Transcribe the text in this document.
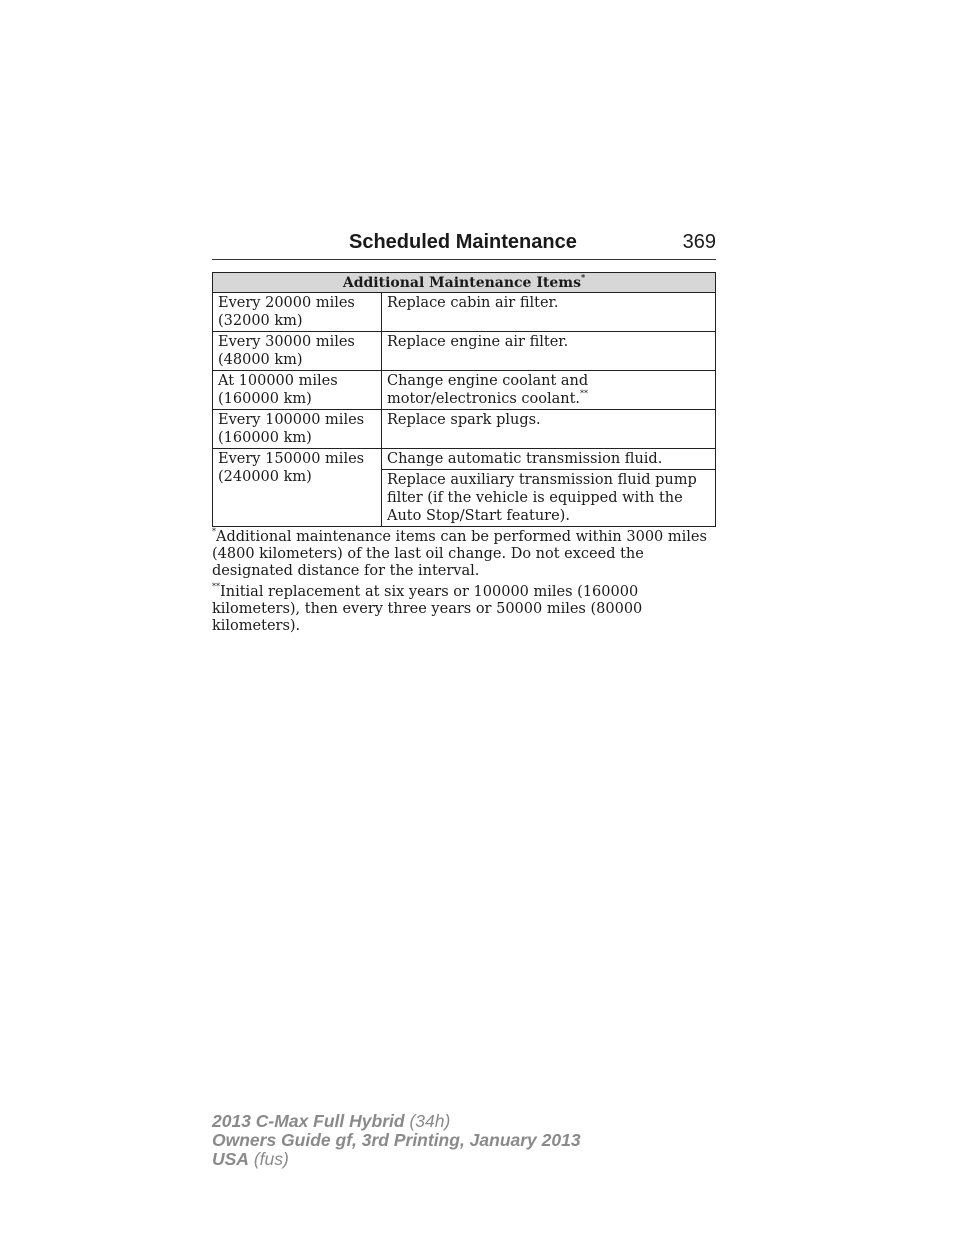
Scheduled Maintenance	369
Additional Maintenance Items*
Every 20000 miles
(32000 km)	Replace cabin air filter.
Every 30000 miles
(48000 km)	Replace engine air filter.
At 100000 miles
(160000 km)	Change engine coolant and motor/electronics coolant.**
Every 100000 miles
(160000 km)	Replace spark plugs.
Every 150000 miles
(240000 km)	Change automatic transmission fluid.
	Replace auxiliary transmission fluid pump filter (if the vehicle is equipped with the Auto Stop/Start feature).

*Additional maintenance items can be performed within 3000 miles (4800 kilometers) of the last oil change. Do not exceed the designated distance for the interval.

**Initial replacement at six years or 100000 miles (160000 kilometers), then every three years or 50000 miles (80000 kilometers).

2013 C-Max Full Hybrid (34h)
Owners Guide gf, 3rd Printing, January 2013
USA (fus)
